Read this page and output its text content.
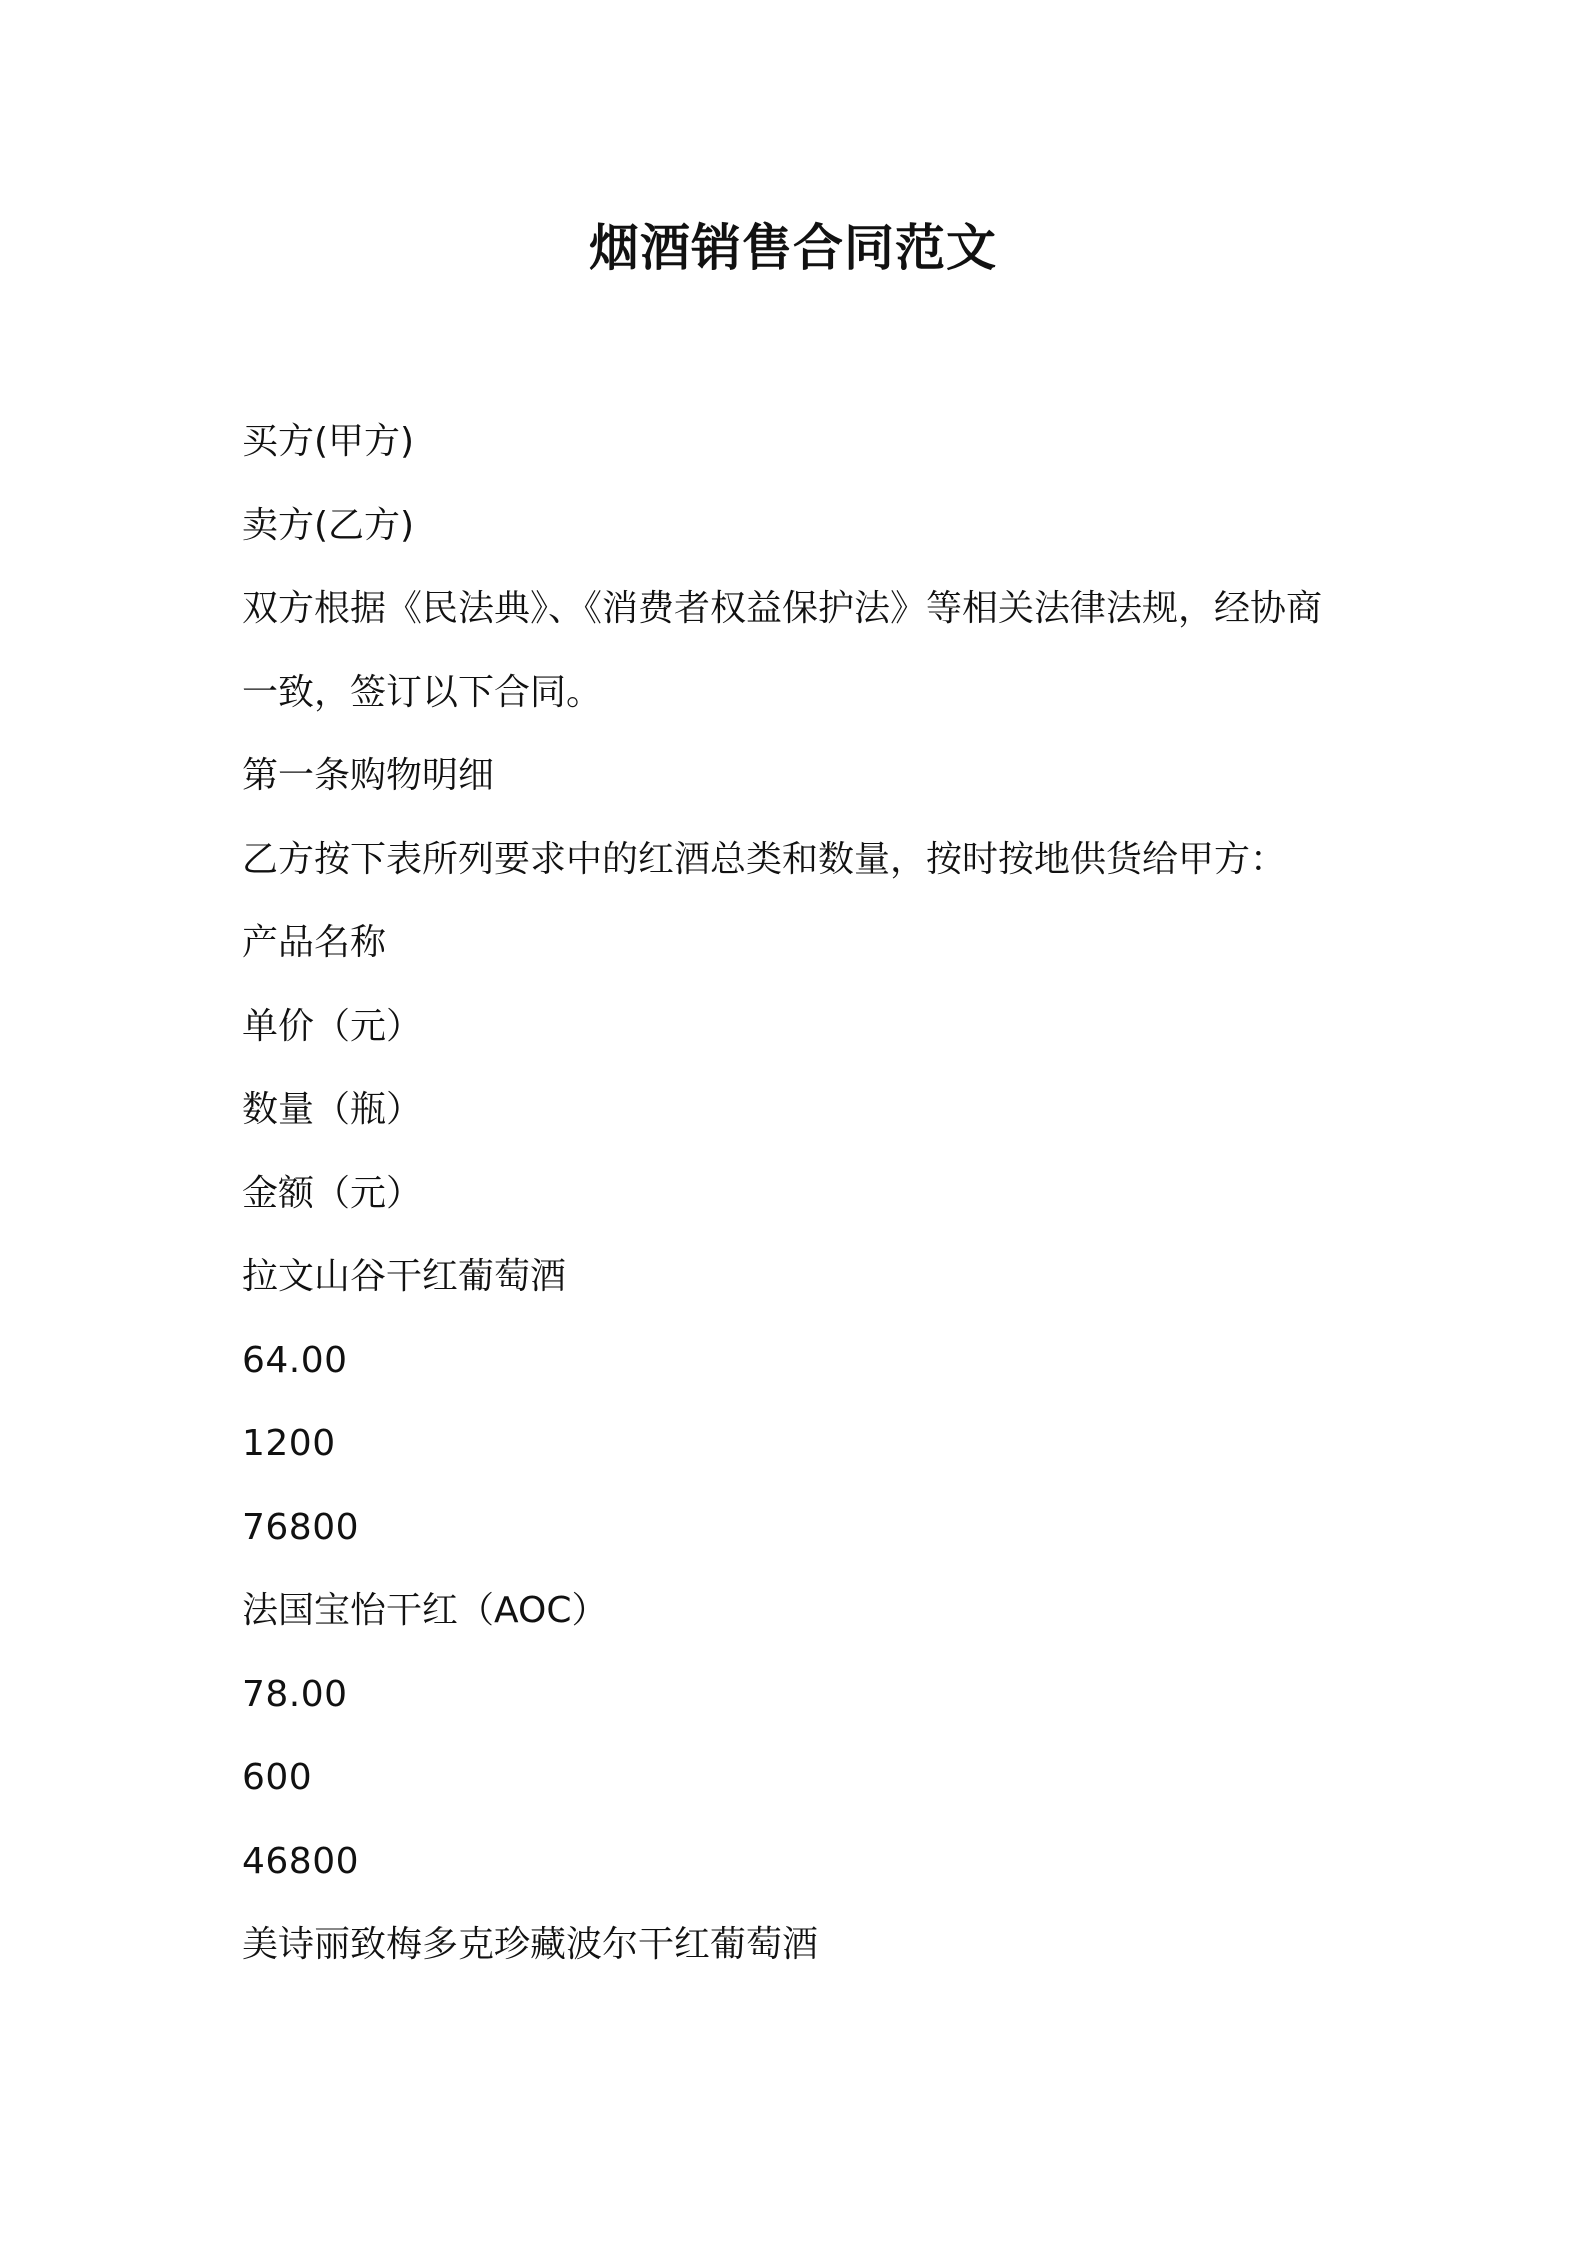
烟酒销售合同范文

买方(甲方)

卖方(乙方)

双方根据《民法典》、《消费者权益保护法》等相关法律法规，经协商

一致，签订以下合同。

第一条购物明细

乙方按下表所列要求中的红酒总类和数量，按时按地供货给甲方：

产品名称

单价（元）

数量（瓶）

金额（元）

拉文山谷干红葡萄酒

64.00

1200

76800

法国宝怡干红（AOC）

78.00

600

46800

美诗丽致梅多克珍藏波尔干红葡萄酒
